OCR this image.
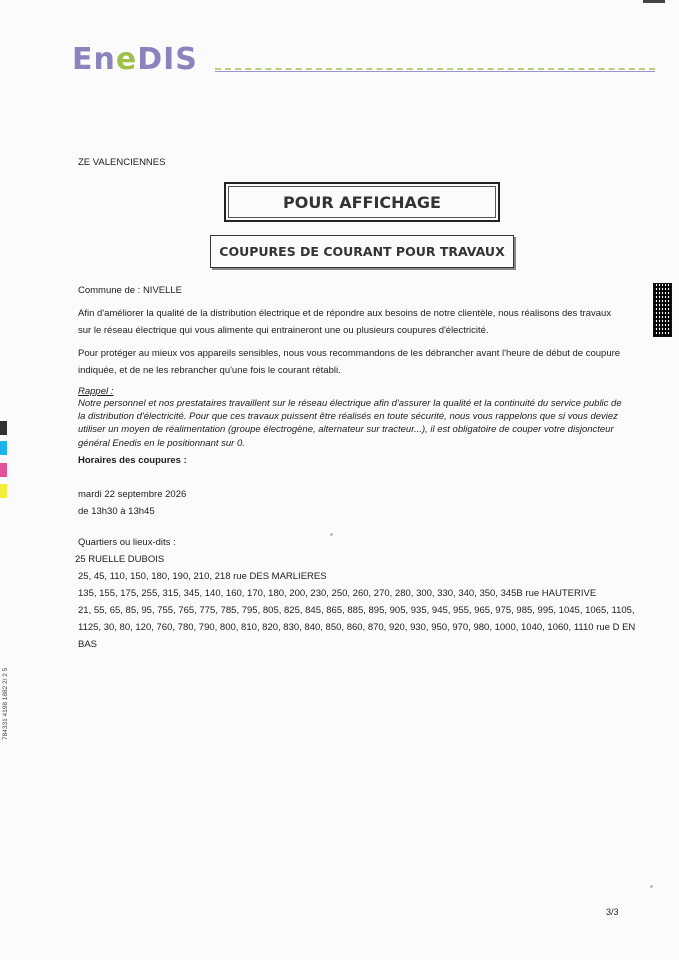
EneDIS
ZE VALENCIENNES
POUR AFFICHAGE
COUPURES DE COURANT POUR TRAVAUX
Commune de : NIVELLE
Afin d'améliorer la qualité de la distribution électrique et de répondre aux besoins de notre clientèle, nous réalisons des travaux sur le réseau électrique qui vous alimente qui entraineront une ou plusieurs coupures d'électricité.
Pour protéger au mieux vos appareils sensibles, nous vous recommandons de les débrancher avant l'heure de début de coupure indiquée, et de ne les rebrancher qu'une fois le courant rétabli.
Rappel :
Notre personnel et nos prestataires travaillent sur le réseau électrique afin d'assurer la qualité et la continuité du service public de la distribution d'électricité. Pour que ces travaux puissent être réalisés en toute sécurité, nous vous rappelons que si vous deviez utiliser un moyen de réalimentation (groupe électrogène, alternateur sur tracteur...), il est obligatoire de couper votre disjoncteur général Enedis en le positionnant sur 0.
Horaires des coupures :
mardi 22 septembre 2026
de 13h30 à 13h45
Quartiers ou lieux-dits :
25 RUELLE DUBOIS
25, 45, 110, 150, 180, 190, 210, 218 rue DES MARLIERES
135, 155, 175, 255, 315, 345, 140, 160, 170, 180, 200, 230, 250, 260, 270, 280, 300, 330, 340, 350, 345B rue HAUTERIVE
21, 55, 65, 85, 95, 755, 765, 775, 785, 795, 805, 825, 845, 865, 885, 895, 905, 935, 945, 955, 965, 975, 985, 995, 1045, 1065, 1105, 1125, 30, 80, 120, 760, 780, 790, 800, 810, 820, 830, 840, 850, 860, 870, 920, 930, 950, 970, 980, 1000, 1040, 1060, 1110 rue D EN BAS
784331 4198 1882 2/ 2 5
3/3
